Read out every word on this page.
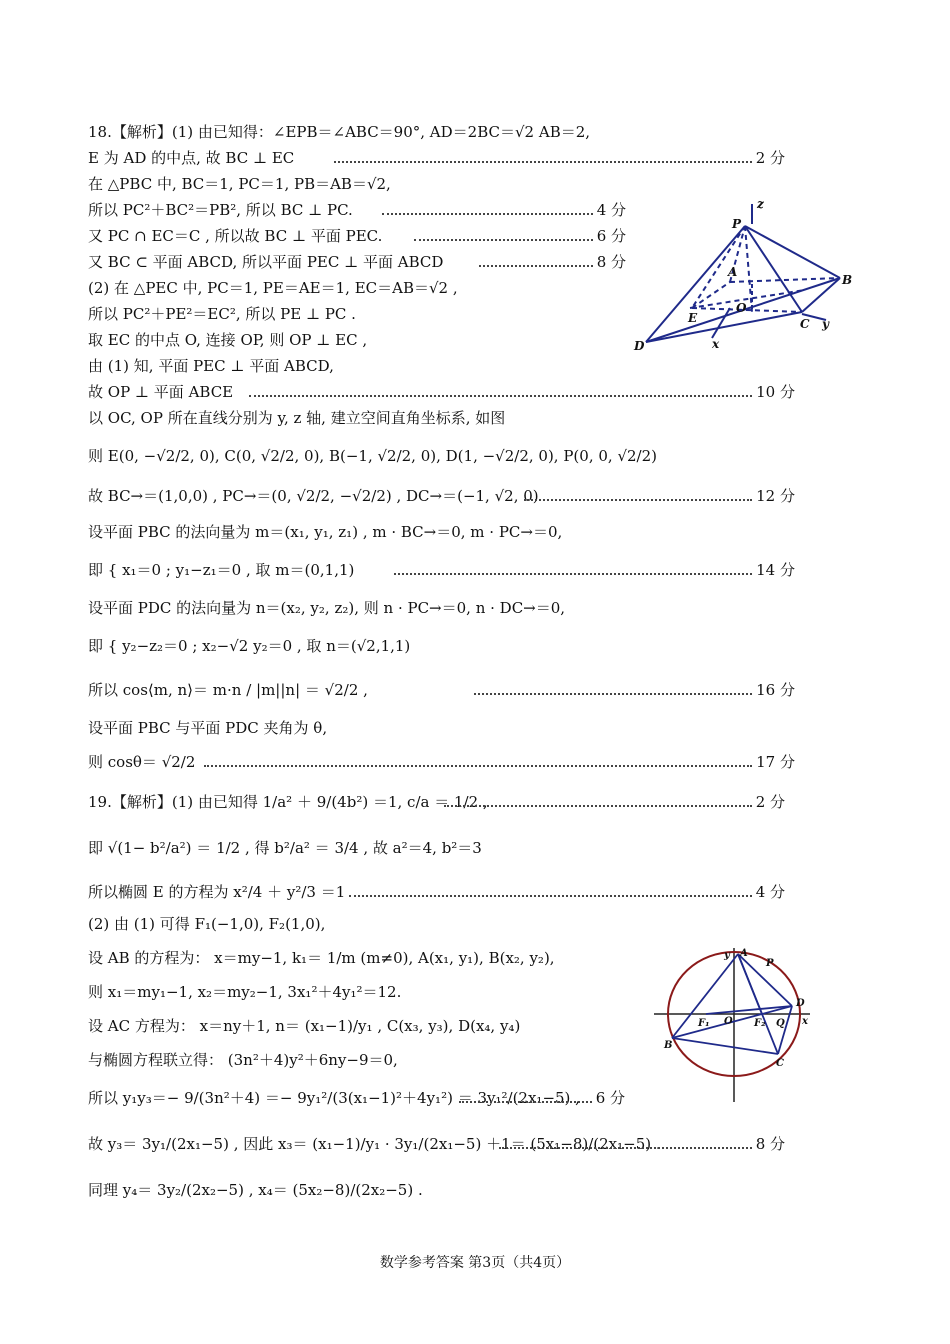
18.【解析】(1) 由已知得：∠EPB＝∠ABC＝90°, AD＝2BC＝√2 AB＝2,
E 为 AD 的中点, 故 BC ⊥ EC	2 分
在 △PBC 中, BC＝1, PC＝1, PB＝AB＝√2,
所以 PC²＋BC²＝PB², 所以 BC ⊥ PC.	4 分
又 PC ∩ EC＝C , 所以故 BC ⊥ 平面 PEC.	6 分
又 BC ⊂ 平面 ABCD, 所以平面 PEC ⊥ 平面 ABCD	8 分
(2) 在 △PEC 中, PC＝1, PE＝AE＝1, EC＝AB＝√2 ,
所以 PC²＋PE²＝EC², 所以 PE ⊥ PC .
取 EC 的中点 O, 连接 OP, 则 OP ⊥ EC ,
由 (1) 知, 平面 PEC ⊥ 平面 ABCD,
故 OP ⊥ 平面 ABCE	10 分
以 OC, OP 所在直线分别为 y, z 轴, 建立空间直角坐标系, 如图
则 E(0, −√2/2, 0), C(0, √2/2, 0), B(−1, √2/2, 0), D(1, −√2/2, 0), P(0, 0, √2/2)
故 BC→＝(1,0,0) , PC→＝(0, √2/2, −√2/2) , DC→＝(−1, √2, 0)	12 分
设平面 PBC 的法向量为 m＝(x₁, y₁, z₁) , m · BC→＝0, m · PC→＝0,
即 { x₁＝0 ; y₁−z₁＝0 , 取 m＝(0,1,1)	14 分
设平面 PDC 的法向量为 n＝(x₂, y₂, z₂), 则 n · PC→＝0, n · DC→＝0,
即 { y₂−z₂＝0 ; x₂−√2 y₂＝0 , 取 n＝(√2,1,1)
所以 cos⟨m, n⟩＝ m·n / |m||n| ＝ √2/2 ,	16 分
设平面 PBC 与平面 PDC 夹角为 θ,
则 cosθ＝ √2/2	17 分
19.【解析】(1) 由已知得 1/a² ＋ 9/(4b²) ＝1, c/a ＝ 1/2 ,	2 分
即 √(1− b²/a²) ＝ 1/2 , 得 b²/a² ＝ 3/4 , 故 a²＝4, b²＝3
所以椭圆 E 的方程为 x²/4 ＋ y²/3 ＝1	4 分
(2) 由 (1) 可得 F₁(−1,0), F₂(1,0),
设 AB 的方程为： x＝my−1, k₁＝ 1/m (m≠0), A(x₁, y₁), B(x₂, y₂),
则 x₁＝my₁−1, x₂＝my₂−1, 3x₁²＋4y₁²＝12.
设 AC 方程为： x＝ny＋1, n＝ (x₁−1)/y₁ , C(x₃, y₃), D(x₄, y₄)
与椭圆方程联立得： (3n²＋4)y²＋6ny−9＝0,
所以 y₁y₃＝− 9/(3n²＋4) ＝− 9y₁²/(3(x₁−1)²＋4y₁²) ＝ 3y₁²/(2x₁−5) , 6 分
故 y₃＝ 3y₁/(2x₁−5) , 因此 x₃＝ (x₁−1)/y₁ · 3y₁/(2x₁−5) ＋1＝ (5x₁−8)/(2x₁−5) .	8 分
同理 y₄＝ 3y₂/(2x₂−5) , x₄＝ (5x₂−8)/(2x₂−5) .
z
P
A
B
O
E	C y
D	x
y A
P
D
F₁ O F₂ Q x
B
C
数学参考答案 第3页（共4页）
